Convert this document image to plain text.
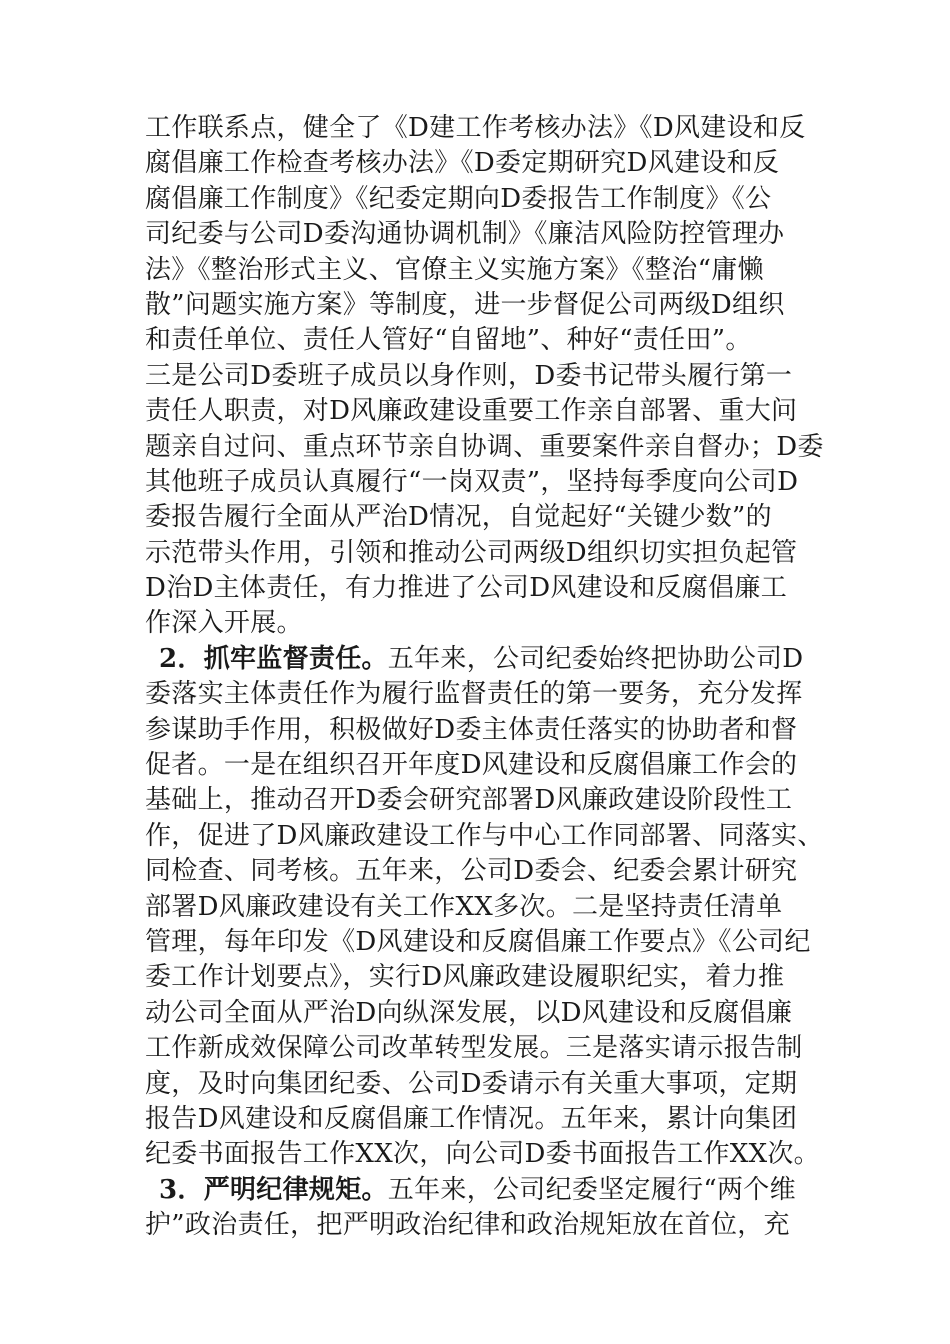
工作联系点，健全了《D建工作考核办法》《D风建设和反
腐倡廉工作检查考核办法》《D委定期研究D风建设和反
腐倡廉工作制度》《纪委定期向D委报告工作制度》《公
司纪委与公司D委沟通协调机制》《廉洁风险防控管理办
法》《整治形式主义、官僚主义实施方案》《整治“庸懒
散”问题实施方案》等制度，进一步督促公司两级D组织
和责任单位、责任人管好“自留地”、种好“责任田”。
三是公司D委班子成员以身作则，D委书记带头履行第一
责任人职责，对D风廉政建设重要工作亲自部署、重大问
题亲自过问、重点环节亲自协调、重要案件亲自督办；D委
其他班子成员认真履行“一岗双责”，坚持每季度向公司D
委报告履行全面从严治D情况，自觉起好“关键少数”的
示范带头作用，引领和推动公司两级D组织切实担负起管
D治D主体责任，有力推进了公司D风建设和反腐倡廉工
作深入开展。
2．抓牢监督责任。五年来，公司纪委始终把协助公司D
委落实主体责任作为履行监督责任的第一要务，充分发挥
参谋助手作用，积极做好D委主体责任落实的协助者和督
促者。一是在组织召开年度D风建设和反腐倡廉工作会的
基础上，推动召开D委会研究部署D风廉政建设阶段性工
作，促进了D风廉政建设工作与中心工作同部署、同落实、
同检查、同考核。五年来，公司D委会、纪委会累计研究
部署D风廉政建设有关工作XX多次。二是坚持责任清单
管理，每年印发《D风建设和反腐倡廉工作要点》《公司纪
委工作计划要点》，实行D风廉政建设履职纪实，着力推
动公司全面从严治D向纵深发展，以D风建设和反腐倡廉
工作新成效保障公司改革转型发展。三是落实请示报告制
度，及时向集团纪委、公司D委请示有关重大事项，定期
报告D风建设和反腐倡廉工作情况。五年来，累计向集团
纪委书面报告工作XX次，向公司D委书面报告工作XX次。
3．严明纪律规矩。五年来，公司纪委坚定履行“两个维
护”政治责任，把严明政治纪律和政治规矩放在首位，充
